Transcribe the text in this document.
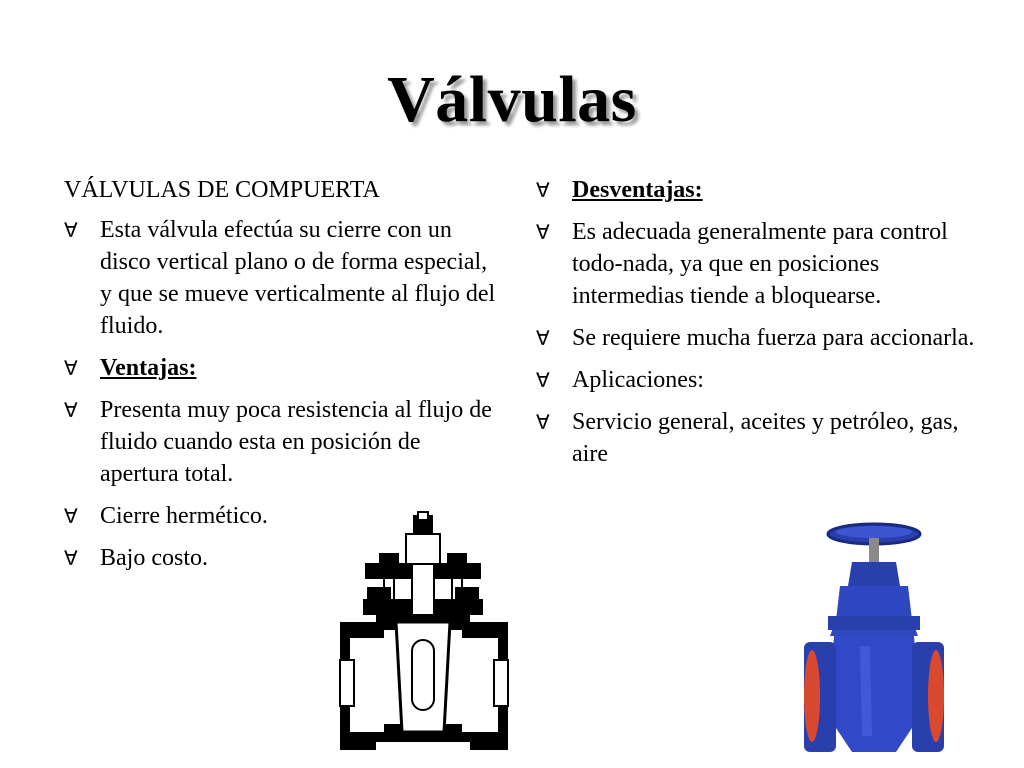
Válvulas
VÁLVULAS DE COMPUERTA
∀ Esta válvula efectúa su cierre con un disco vertical plano o de forma especial, y que se mueve verticalmente al flujo del fluido.
∀ Ventajas:
∀ Presenta muy poca resistencia al flujo de fluido cuando esta en posición de apertura total.
∀ Cierre hermético.
∀ Bajo costo.
∀ Desventajas:
∀ Es adecuada generalmente para control todo-nada, ya que en posiciones intermedias tiende a bloquearse.
∀ Se requiere mucha fuerza para accionarla.
∀ Aplicaciones:
∀ Servicio general, aceites y petróleo, gas, aire
